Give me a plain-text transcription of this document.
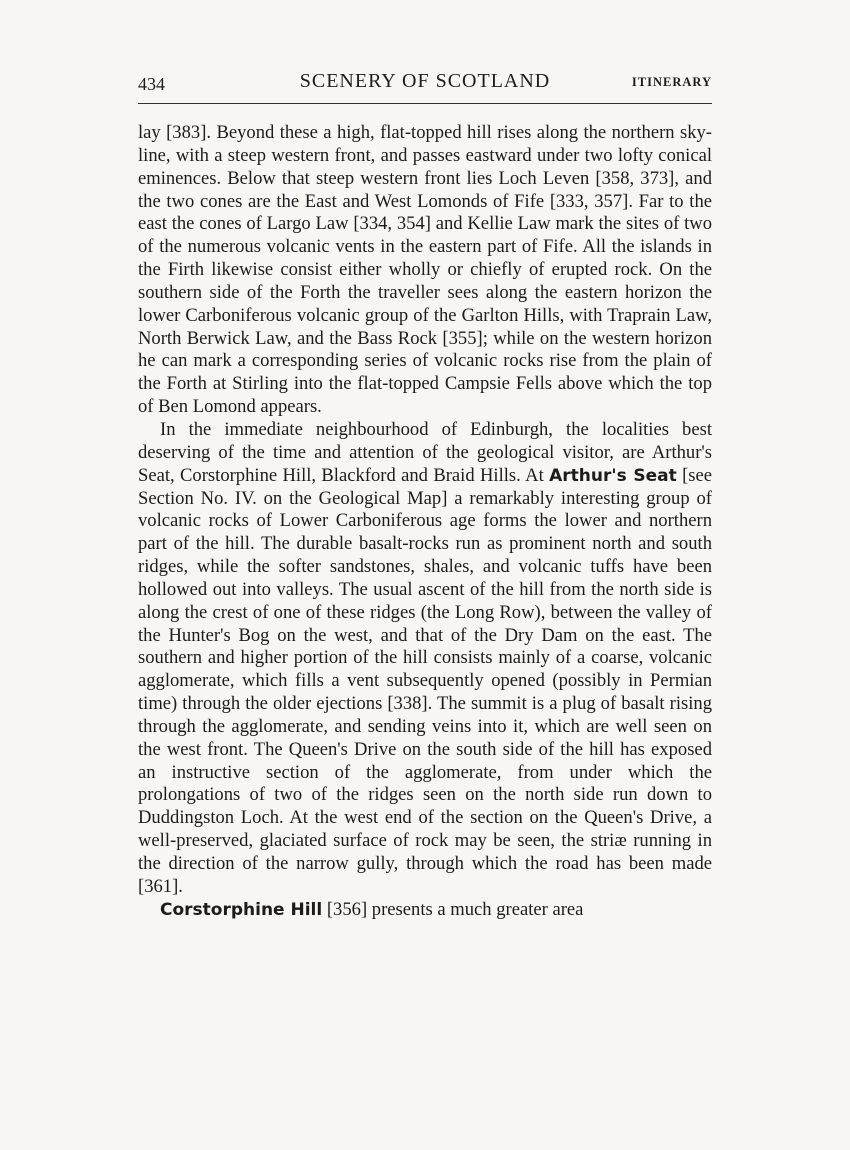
434	SCENERY OF SCOTLAND	ITINERARY

lay [383]. Beyond these a high, flat-topped hill rises along the northern sky-line, with a steep western front, and passes eastward under two lofty conical eminences. Below that steep western front lies Loch Leven [358, 373], and the two cones are the East and West Lomonds of Fife [333, 357]. Far to the east the cones of Largo Law [334, 354] and Kellie Law mark the sites of two of the numerous volcanic vents in the eastern part of Fife. All the islands in the Firth likewise consist either wholly or chiefly of erupted rock. On the southern side of the Forth the traveller sees along the eastern horizon the lower Carboniferous volcanic group of the Garlton Hills, with Traprain Law, North Berwick Law, and the Bass Rock [355]; while on the western horizon he can mark a corresponding series of volcanic rocks rise from the plain of the Forth at Stirling into the flat-topped Campsie Fells above which the top of Ben Lomond appears.

In the immediate neighbourhood of Edinburgh, the localities best deserving of the time and attention of the geological visitor, are Arthur's Seat, Corstorphine Hill, Blackford and Braid Hills. At Arthur's Seat [see Section No. IV. on the Geological Map] a remarkably interesting group of volcanic rocks of Lower Carboniferous age forms the lower and northern part of the hill. The durable basalt-rocks run as prominent north and south ridges, while the softer sandstones, shales, and volcanic tuffs have been hollowed out into valleys. The usual ascent of the hill from the north side is along the crest of one of these ridges (the Long Row), between the valley of the Hunter's Bog on the west, and that of the Dry Dam on the east. The southern and higher portion of the hill consists mainly of a coarse, volcanic agglomerate, which fills a vent subsequently opened (possibly in Permian time) through the older ejections [338]. The summit is a plug of basalt rising through the agglomerate, and sending veins into it, which are well seen on the west front. The Queen's Drive on the south side of the hill has exposed an instructive section of the agglomerate, from under which the prolongations of two of the ridges seen on the north side run down to Duddingston Loch. At the west end of the section on the Queen's Drive, a well-preserved, glaciated surface of rock may be seen, the striæ running in the direction of the narrow gully, through which the road has been made [361].

Corstorphine Hill [356] presents a much greater area
